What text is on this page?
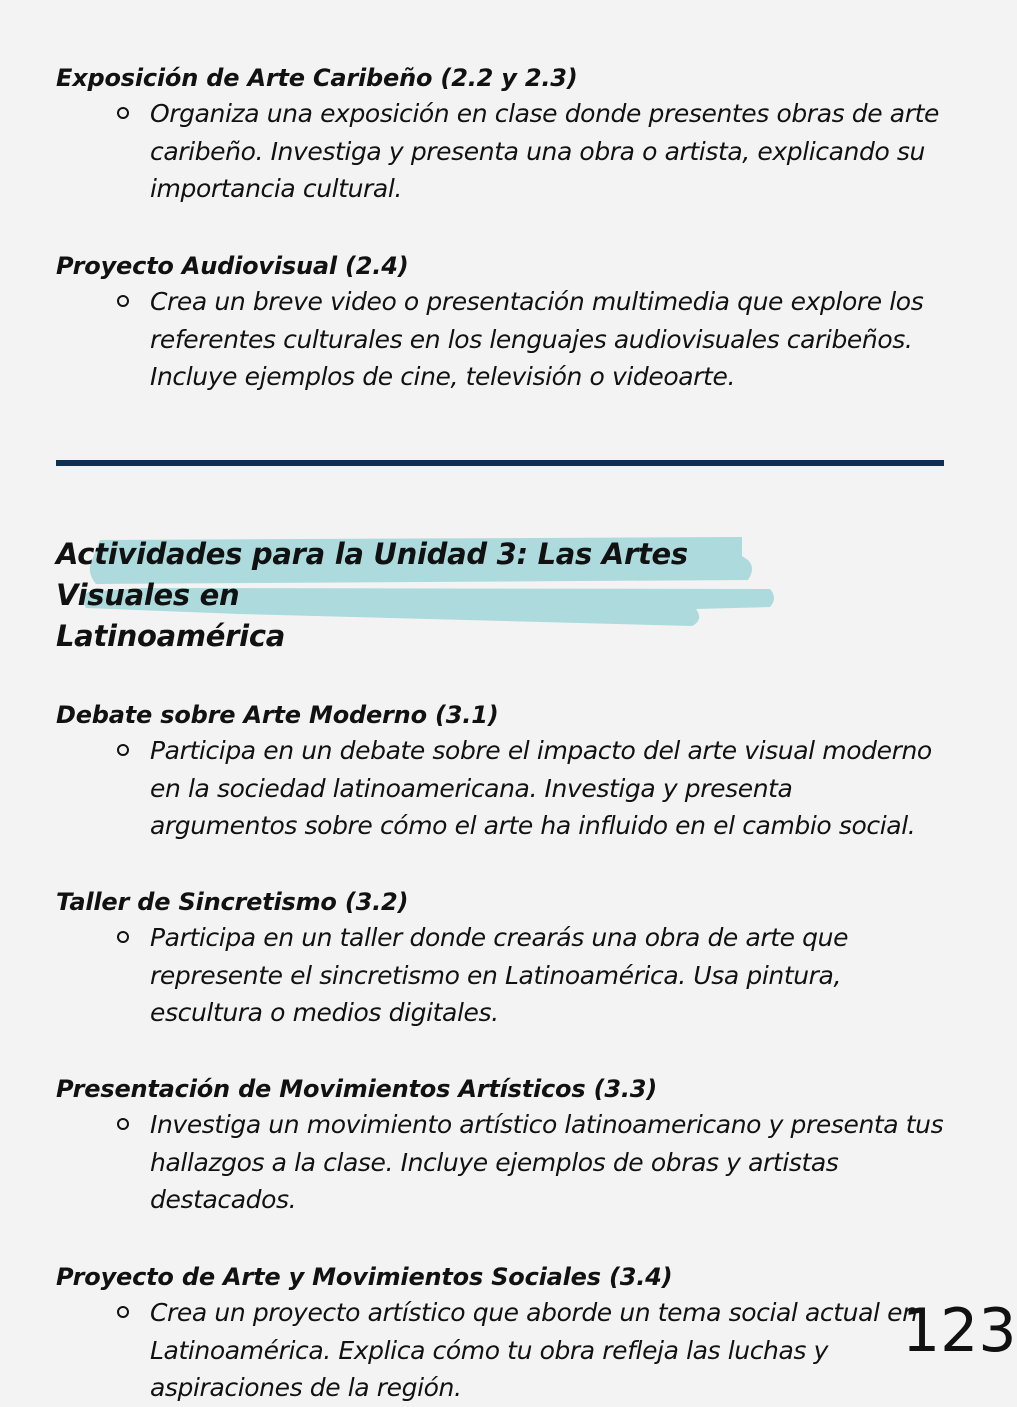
Exposición de Arte Caribeño (2.2 y 2.3)

Organiza una exposición en clase donde presentes obras de arte
caribeño. Investiga y presenta una obra o artista, explicando su
importancia cultural.

Proyecto Audiovisual (2.4)

Crea un breve video o presentación multimedia que explore los
referentes culturales en los lenguajes audiovisuales caribeños.
Incluye ejemplos de cine, televisión o videoarte.
Actividades para la Unidad 3: Las Artes Visuales en
Latinoamérica

Debate sobre Arte Moderno (3.1)

Participa en un debate sobre el impacto del arte visual moderno
en la sociedad latinoamericana. Investiga y presenta
argumentos sobre cómo el arte ha influido en el cambio social.

Taller de Sincretismo (3.2)

Participa en un taller donde crearás una obra de arte que
represente el sincretismo en Latinoamérica. Usa pintura,
escultura o medios digitales.

Presentación de Movimientos Artísticos (3.3)

Investiga un movimiento artístico latinoamericano y presenta tus
hallazgos a la clase. Incluye ejemplos de obras y artistas
destacados.

Proyecto de Arte y Movimientos Sociales (3.4)

Crea un proyecto artístico que aborde un tema social actual en
Latinoamérica. Explica cómo tu obra refleja las luchas y
aspiraciones de la región.
123
